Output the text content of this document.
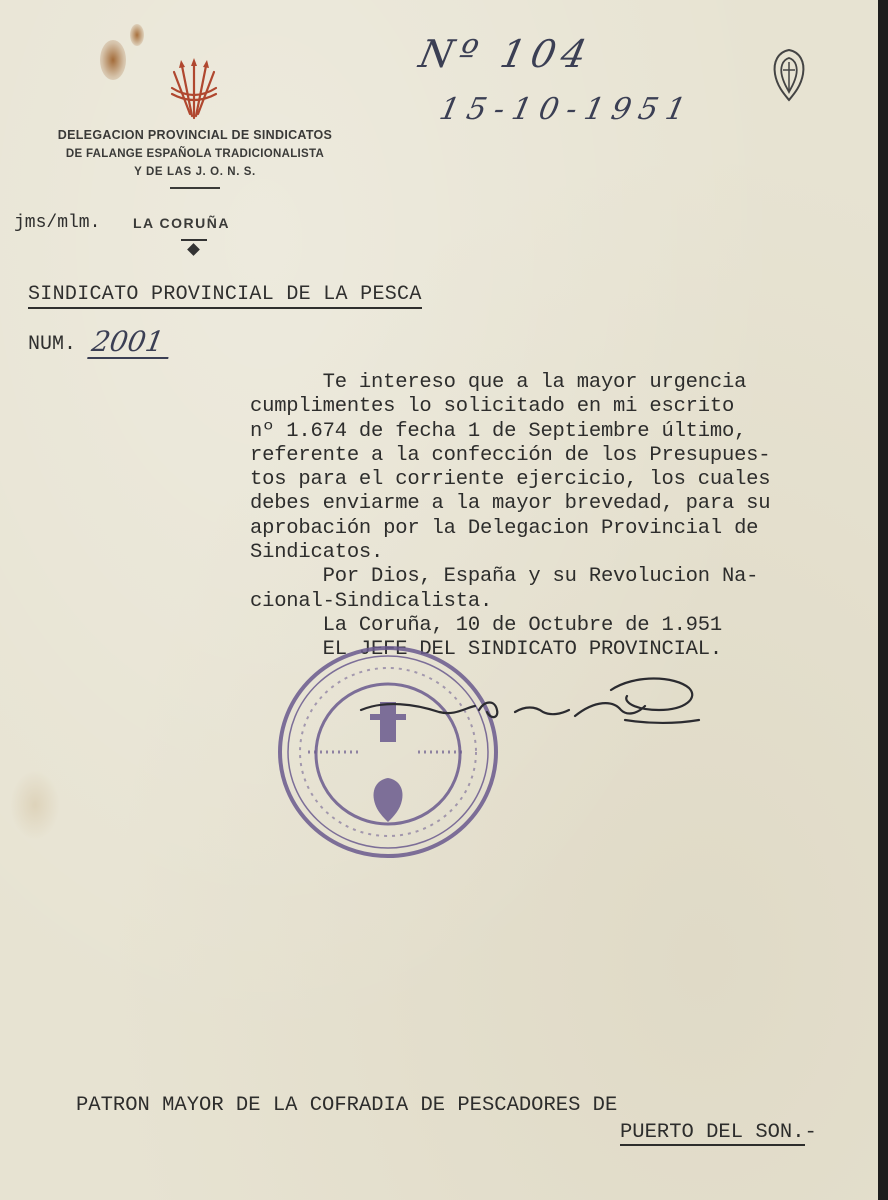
DELEGACION PROVINCIAL DE SINDICATOS
DE FALANGE ESPAÑOLA TRADICIONALISTA
Y DE LAS J. O. N. S.
jms/mlm. LA CORUÑA
Nº 104
15-10-1951
SINDICATO PROVINCIAL DE LA PESCA
NUM. 2001
Te intereso que a la mayor urgencia
cumplimentes lo solicitado en mi escrito
nº 1.674 de fecha 1 de Septiembre último,
referente a la confección de los Presupues-
tos para el corriente ejercicio, los cuales
debes enviarme a la mayor brevedad, para su
aprobación por la Delegacion Provincial de
Sindicatos.
Por Dios, España y su Revolucion Na-
cional-Sindicalista.
La Coruña, 10 de Octubre de 1.951
EL JEFE DEL SINDICATO PROVINCIAL.
PATRON MAYOR DE LA COFRADIA DE PESCADORES DE
PUERTO DEL SON.-
